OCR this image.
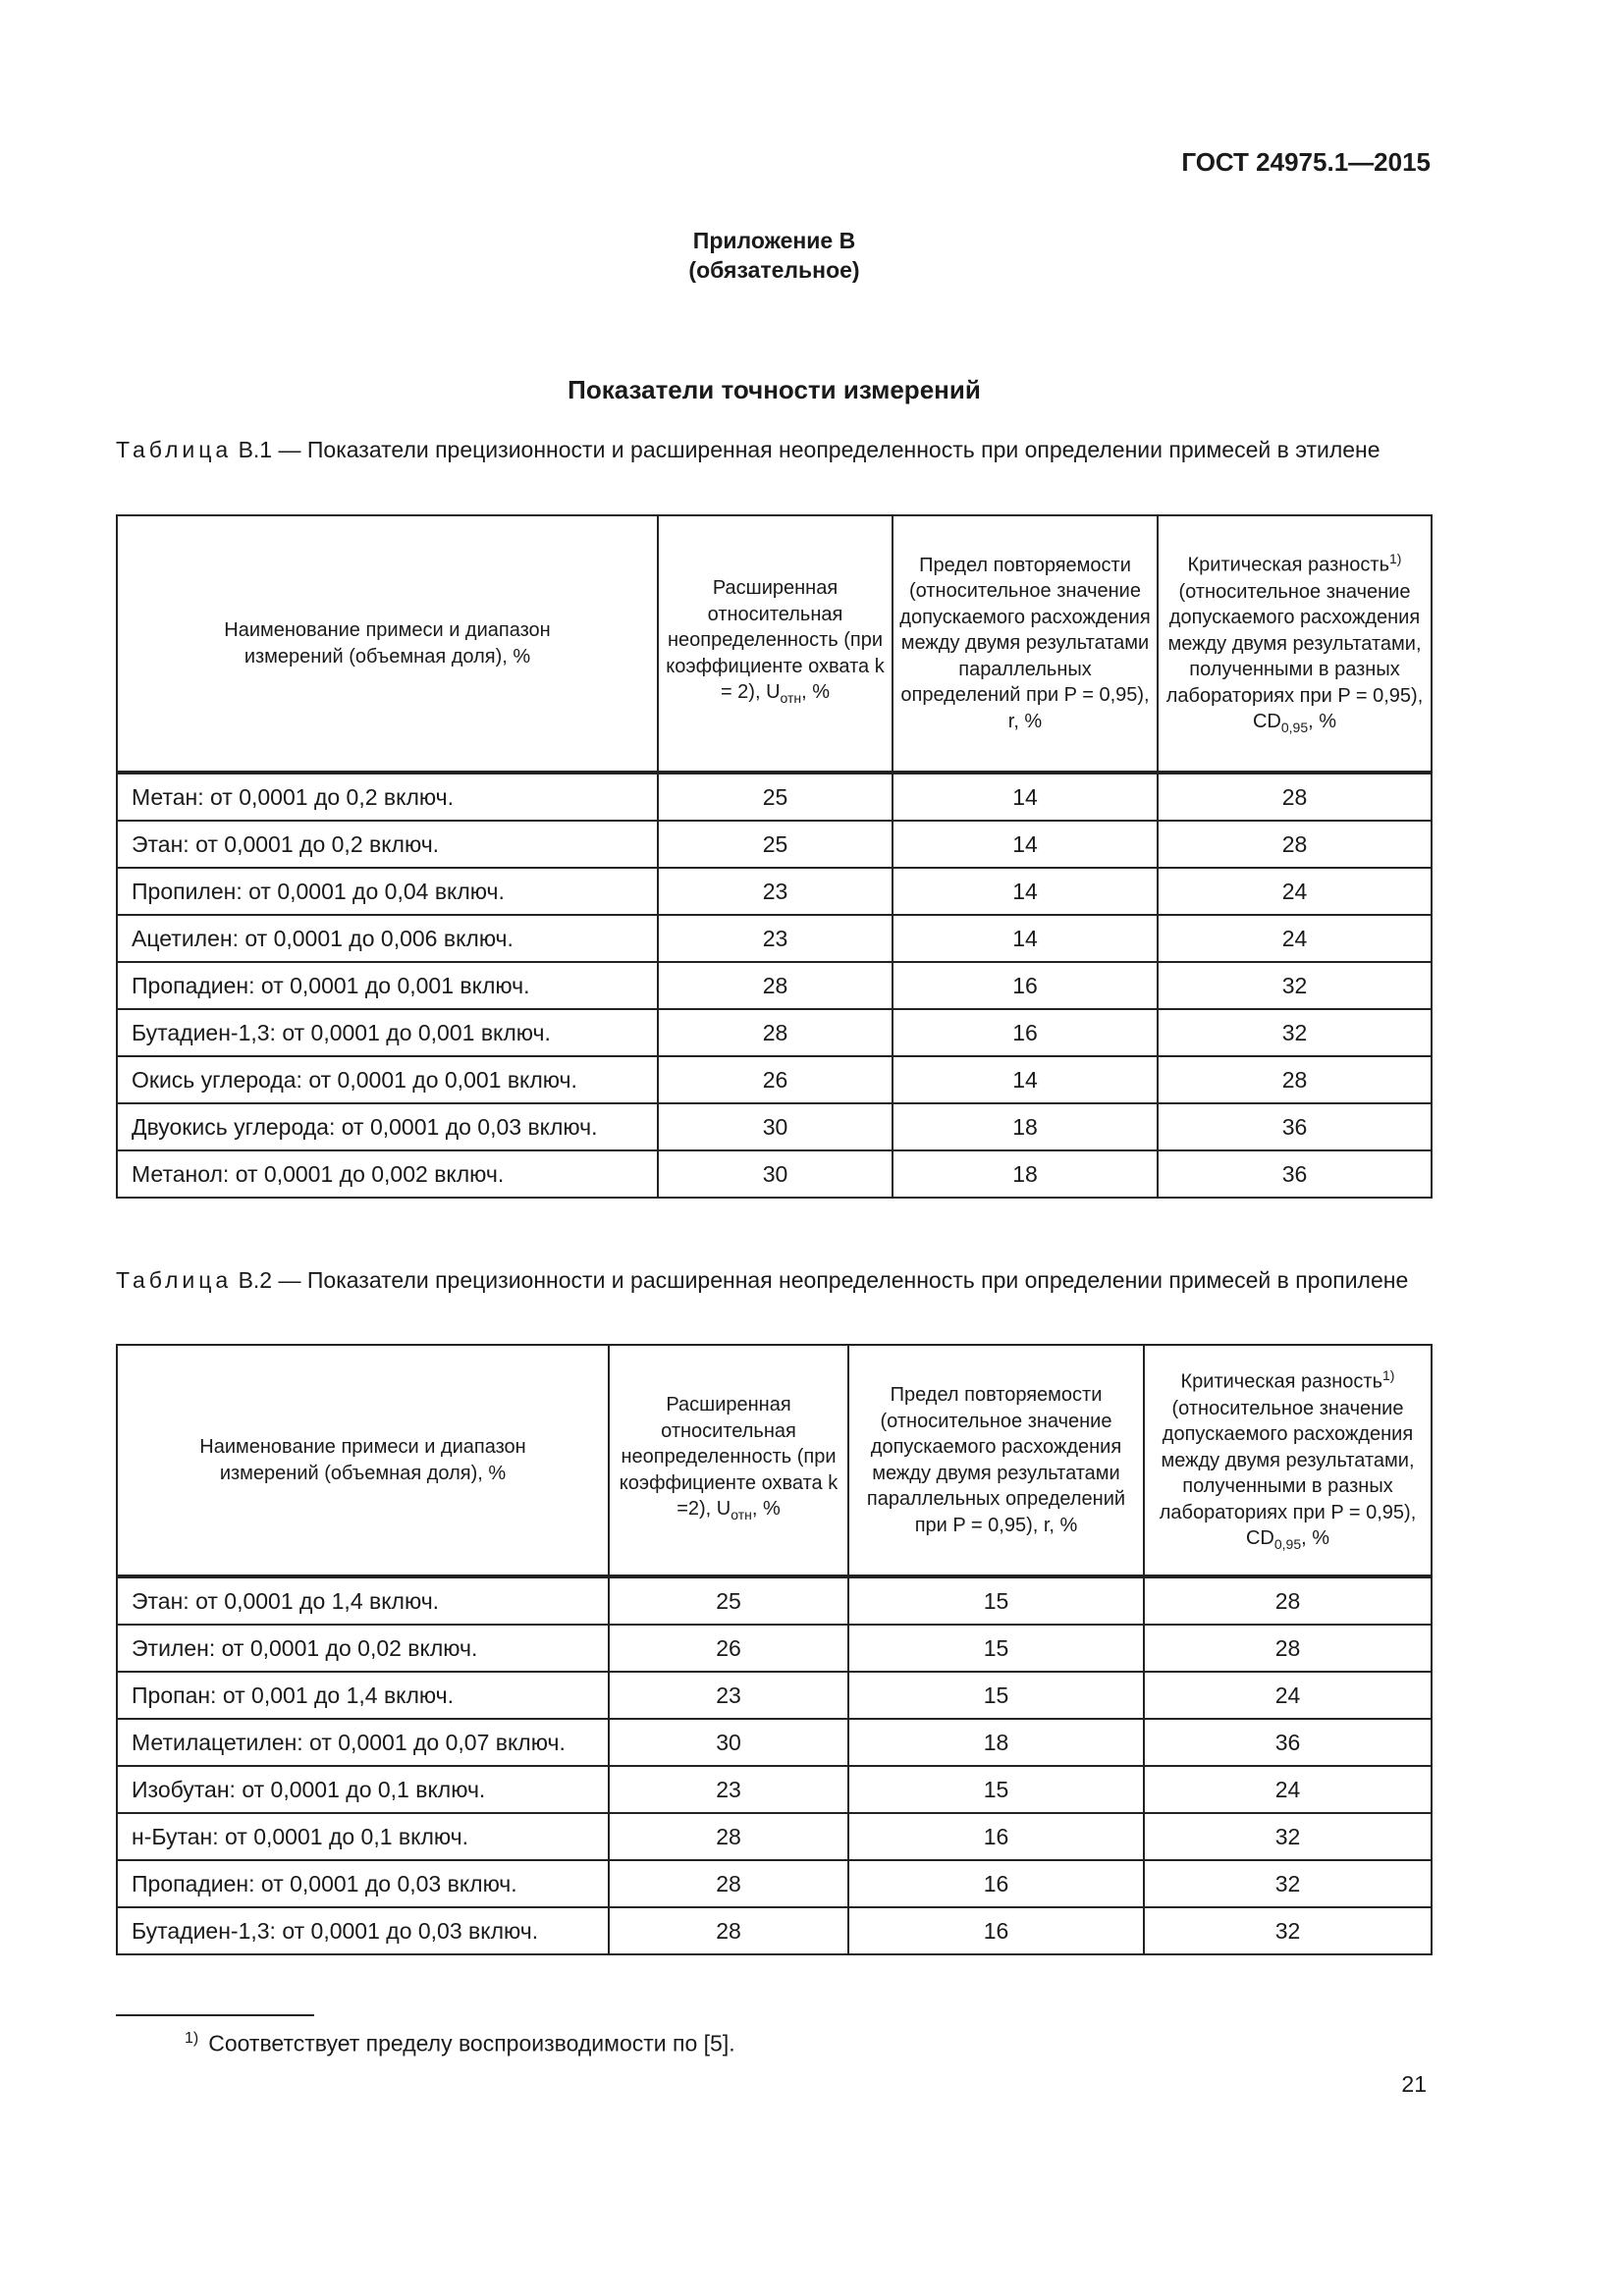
ГОСТ 24975.1—2015
Приложение В
(обязательное)
Показатели точности измерений
Таблица В.1 — Показатели прецизионности и расширенная неопределенность при определении примесей в этилене
Наименование примеси и диапазон измерений (объемная доля), %	Расширенная относительная неопределенность (при коэффициенте охвата k = 2), $U_{отн}$, %	Предел повторяемости (относительное значение допускаемого расхождения между двумя результатами параллельных определений при P = 0,95), r, %	Критическая разность$^{1)}$ (относительное значение допускаемого расхождения между двумя результатами, полученными в разных лабораториях при P = 0,95), $CD_{0,95}$, %
Метан: от 0,0001 до 0,2 включ.	25	14	28
Этан: от 0,0001 до 0,2 включ.	25	14	28
Пропилен: от 0,0001 до 0,04 включ.	23	14	24
Ацетилен: от 0,0001 до 0,006 включ.	23	14	24
Пропадиен: от 0,0001 до 0,001 включ.	28	16	32
Бутадиен-1,3: от 0,0001 до 0,001 включ.	28	16	32
Окись углерода: от 0,0001 до 0,001 включ.	26	14	28
Двуокись углерода: от 0,0001 до 0,03 включ.	30	18	36
Метанол: от 0,0001 до 0,002 включ.	30	18	36
Таблица В.2 — Показатели прецизионности и расширенная неопределенность при определении примесей в пропилене
Наименование примеси и диапазон измерений (объемная доля), %	Расширенная относительная неопределенность (при коэффициенте охвата k =2), $U_{отн}$, %	Предел повторяемости (относительное значение допускаемого расхождения между двумя результатами параллельных определений при P = 0,95), r, %	Критическая разность$^{1)}$ (относительное значение допускаемого расхождения между двумя результатами, полученными в разных лабораториях при P = 0,95), $CD_{0,95}$, %
Этан: от 0,0001 до 1,4 включ.	25	15	28
Этилен: от 0,0001 до 0,02 включ.	26	15	28
Пропан: от 0,001 до 1,4 включ.	23	15	24
Метилацетилен: от 0,0001 до 0,07 включ.	30	18	36
Изобутан: от 0,0001 до 0,1 включ.	23	15	24
н-Бутан: от 0,0001 до 0,1 включ.	28	16	32
Пропадиен: от 0,0001 до 0,03 включ.	28	16	32
Бутадиен-1,3: от 0,0001 до 0,03 включ.	28	16	32
$^{1)}$ Соответствует пределу воспроизводимости по [5].
21
